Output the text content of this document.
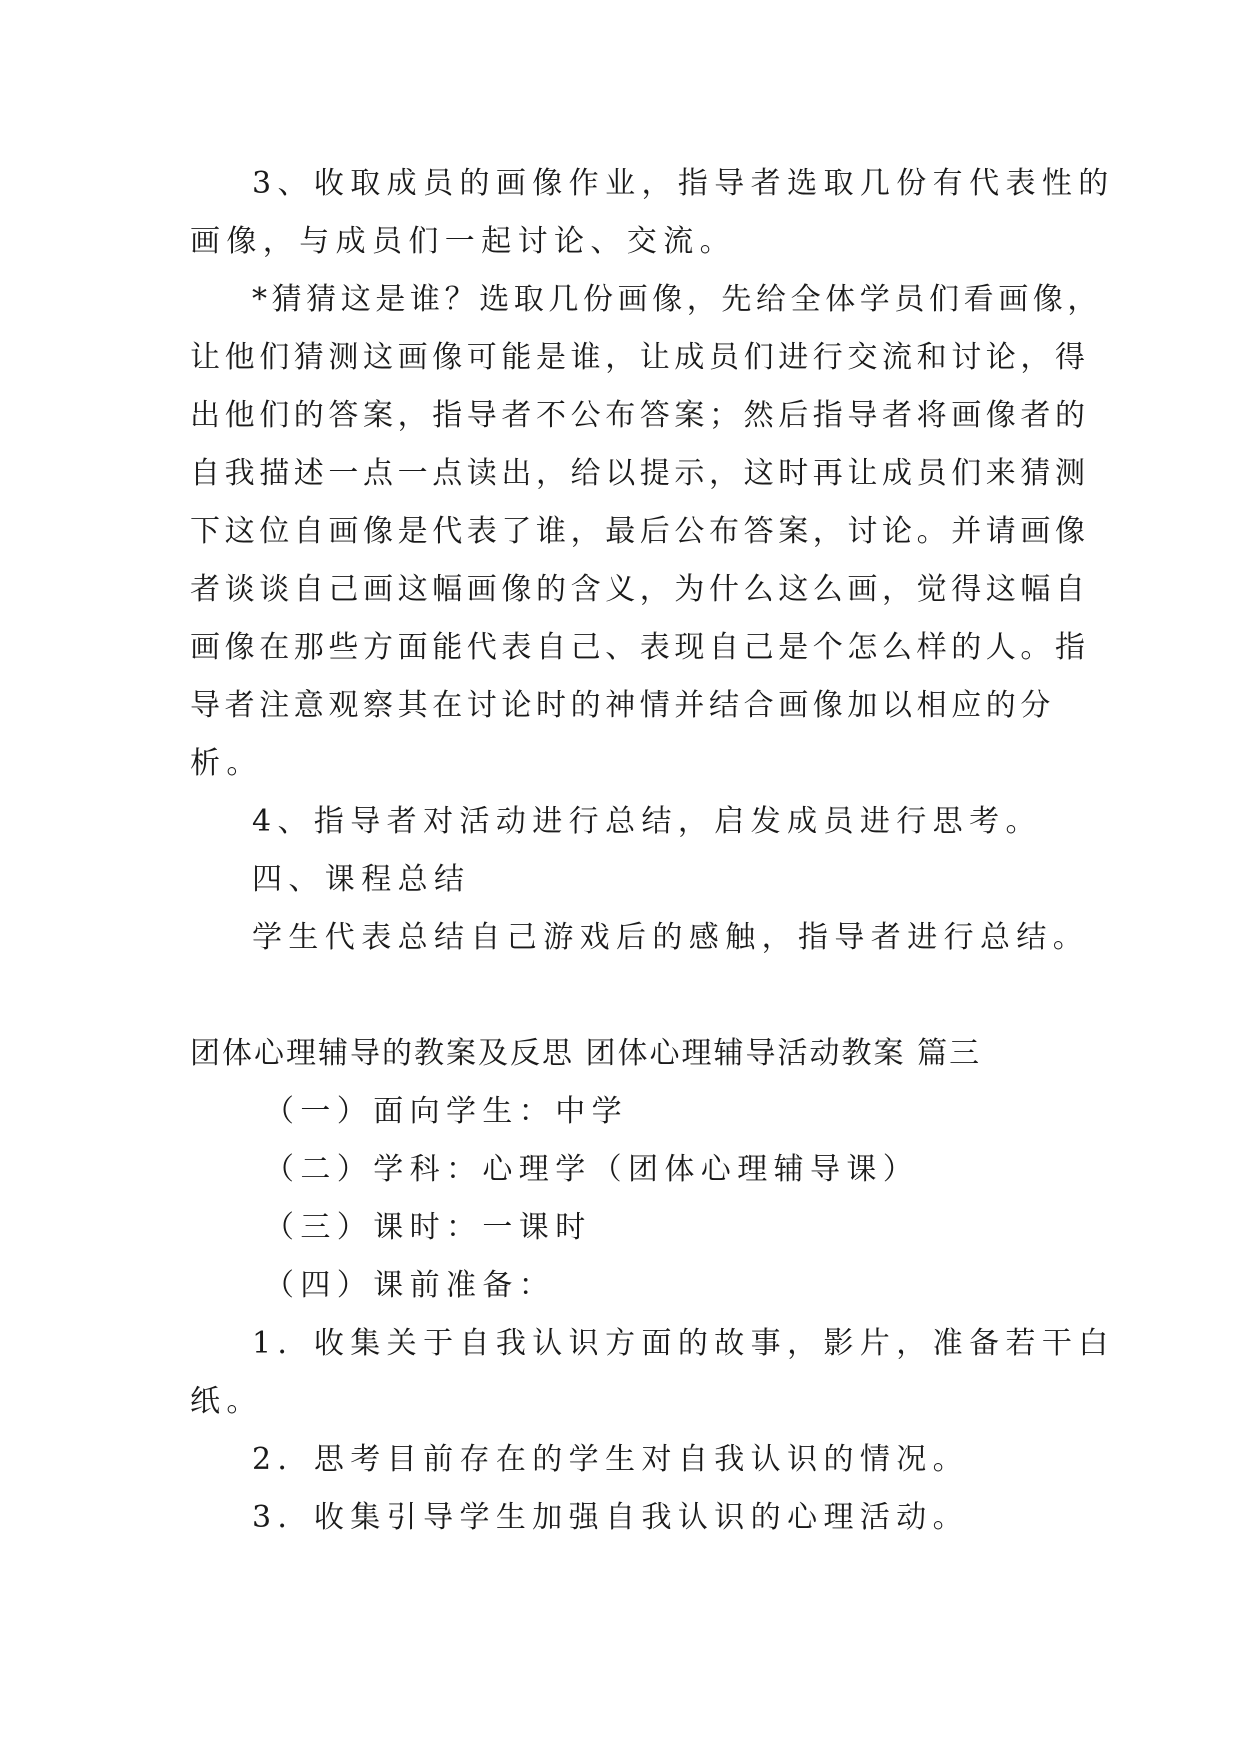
3、收取成员的画像作业，指导者选取几份有代表性的
画像，与成员们一起讨论、交流。
*猜猜这是谁？选取几份画像，先给全体学员们看画像，
让他们猜测这画像可能是谁，让成员们进行交流和讨论，得
出他们的答案，指导者不公布答案；然后指导者将画像者的
自我描述一点一点读出，给以提示，这时再让成员们来猜测
下这位自画像是代表了谁，最后公布答案，讨论。并请画像
者谈谈自己画这幅画像的含义，为什么这么画，觉得这幅自
画像在那些方面能代表自己、表现自己是个怎么样的人。指
导者注意观察其在讨论时的神情并结合画像加以相应的分
析。
4、指导者对活动进行总结，启发成员进行思考。
四、课程总结
学生代表总结自己游戏后的感触，指导者进行总结。
团体心理辅导的教案及反思 团体心理辅导活动教案 篇三
（一）面向学生：中学
（二）学科：心理学（团体心理辅导课）
（三）课时：一课时
（四）课前准备：
1．收集关于自我认识方面的故事，影片，准备若干白
纸。
2．思考目前存在的学生对自我认识的情况。
3．收集引导学生加强自我认识的心理活动。
